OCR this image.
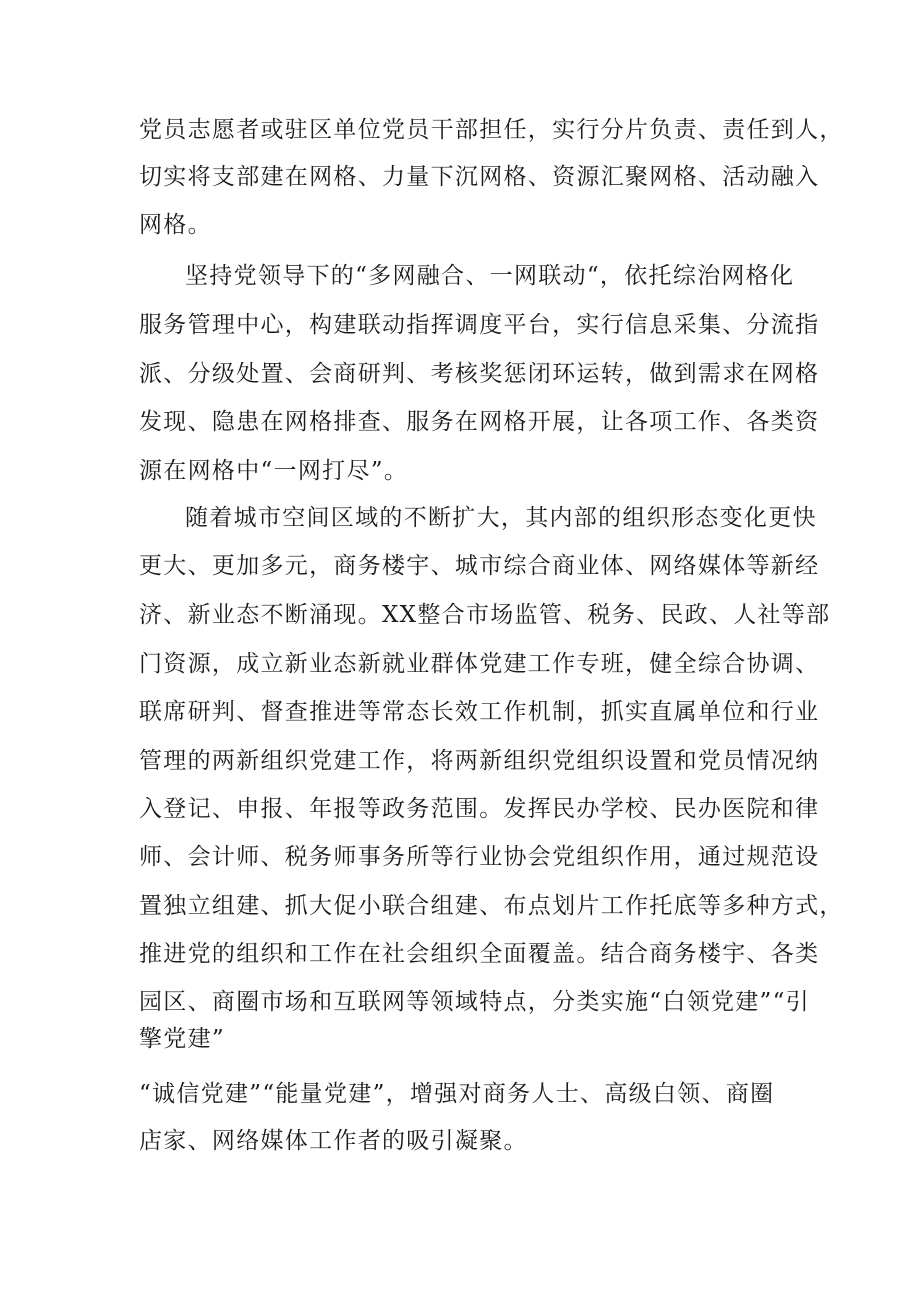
党员志愿者或驻区单位党员干部担任，实行分片负责、责任到人，
切实将支部建在网格、力量下沉网格、资源汇聚网格、活动融入
网格。
坚持党领导下的“多网融合、一网联动“，依托综治网格化
服务管理中心，构建联动指挥调度平台，实行信息采集、分流指
派、分级处置、会商研判、考核奖惩闭环运转，做到需求在网格
发现、隐患在网格排查、服务在网格开展，让各项工作、各类资
源在网格中“一网打尽”。
随着城市空间区域的不断扩大，其内部的组织形态变化更快
更大、更加多元，商务楼宇、城市综合商业体、网络媒体等新经
济、新业态不断涌现。XX整合市场监管、税务、民政、人社等部
门资源，成立新业态新就业群体党建工作专班，健全综合协调、
联席研判、督查推进等常态长效工作机制，抓实直属单位和行业
管理的两新组织党建工作，将两新组织党组织设置和党员情况纳
入登记、申报、年报等政务范围。发挥民办学校、民办医院和律
师、会计师、税务师事务所等行业协会党组织作用，通过规范设
置独立组建、抓大促小联合组建、布点划片工作托底等多种方式，
推进党的组织和工作在社会组织全面覆盖。结合商务楼宇、各类
园区、商圈市场和互联网等领域特点，分类实施“白领党建”“引
擎党建”
“诚信党建”“能量党建”，增强对商务人士、高级白领、商圈
店家、网络媒体工作者的吸引凝聚。
